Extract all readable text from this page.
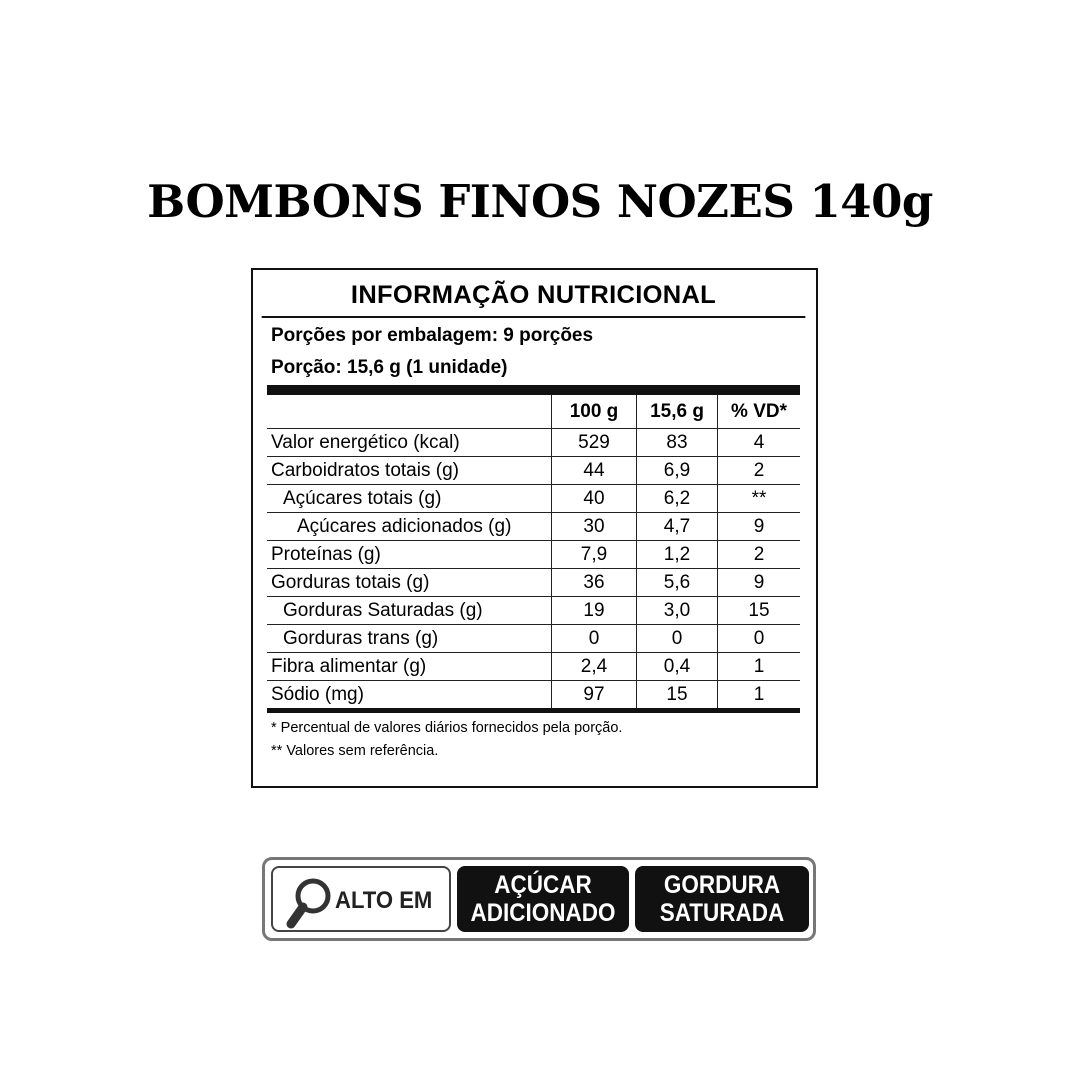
BOMBONS FINOS NOZES 140g
INFORMAÇÃO NUTRICIONAL
Porções por embalagem: 9 porções
Porção: 15,6 g (1 unidade)
	100 g	15,6 g	% VD*
Valor energético (kcal)	529	83	4
Carboidratos totais (g)	44	6,9	2
Açúcares totais (g)	40	6,2	**
Açúcares adicionados (g)	30	4,7	9
Proteínas (g)	7,9	1,2	2
Gorduras totais (g)	36	5,6	9
Gorduras Saturadas (g)	19	3,0	15
Gorduras trans (g)	0	0	0
Fibra alimentar (g)	2,4	0,4	1
Sódio (mg)	97	15	1
* Percentual de valores diários fornecidos pela porção.
** Valores sem referência.
ALTO EM
AÇÚCAR
ADICIONADO
GORDURA
SATURADA
